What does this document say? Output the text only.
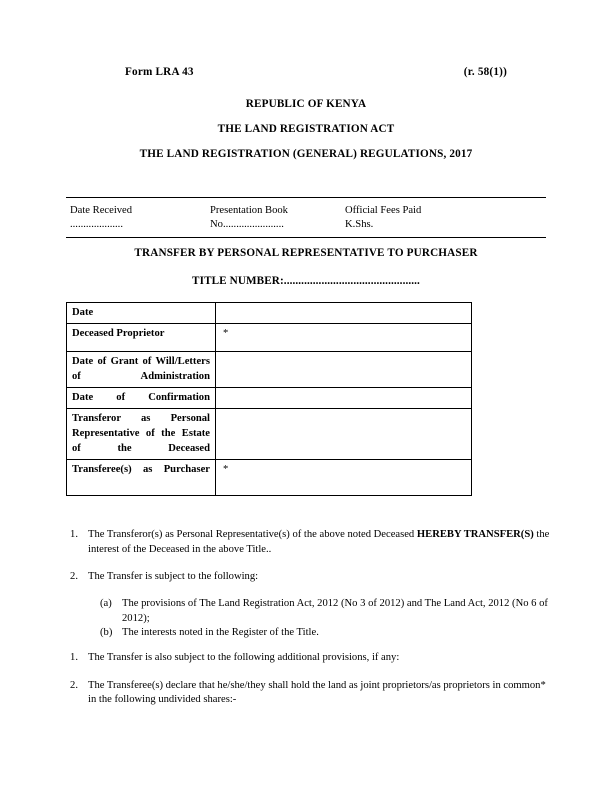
Form LRA 43	(r. 58(1))
REPUBLIC OF KENYA
THE LAND REGISTRATION ACT
THE LAND REGISTRATION (GENERAL) REGULATIONS, 2017
Date Received
....................
Presentation Book
No.......................
Official Fees Paid
K.Shs.
TRANSFER BY PERSONAL REPRESENTATIVE TO PURCHASER
TITLE NUMBER:...............................................
Date	
Deceased Proprietor	*
Date of Grant of Will/Letters of Administration	
Date of Confirmation	
Transferor as Personal Representative of the Estate of the Deceased	
Transferee(s) as Purchaser	*
1. The Transferor(s) as Personal Representative(s) of the above noted Deceased HEREBY TRANSFER(S) the interest of the Deceased in the above Title..
2. The Transfer is subject to the following:
(a) The provisions of The Land Registration Act, 2012 (No 3 of 2012) and The Land Act, 2012 (No 6 of 2012);
(b) The interests noted in the Register of the Title.
1. The Transfer is also subject to the following additional provisions, if any:
2. The Transferee(s) declare that he/she/they shall hold the land as joint proprietors/as proprietors in common* in the following undivided shares:-
